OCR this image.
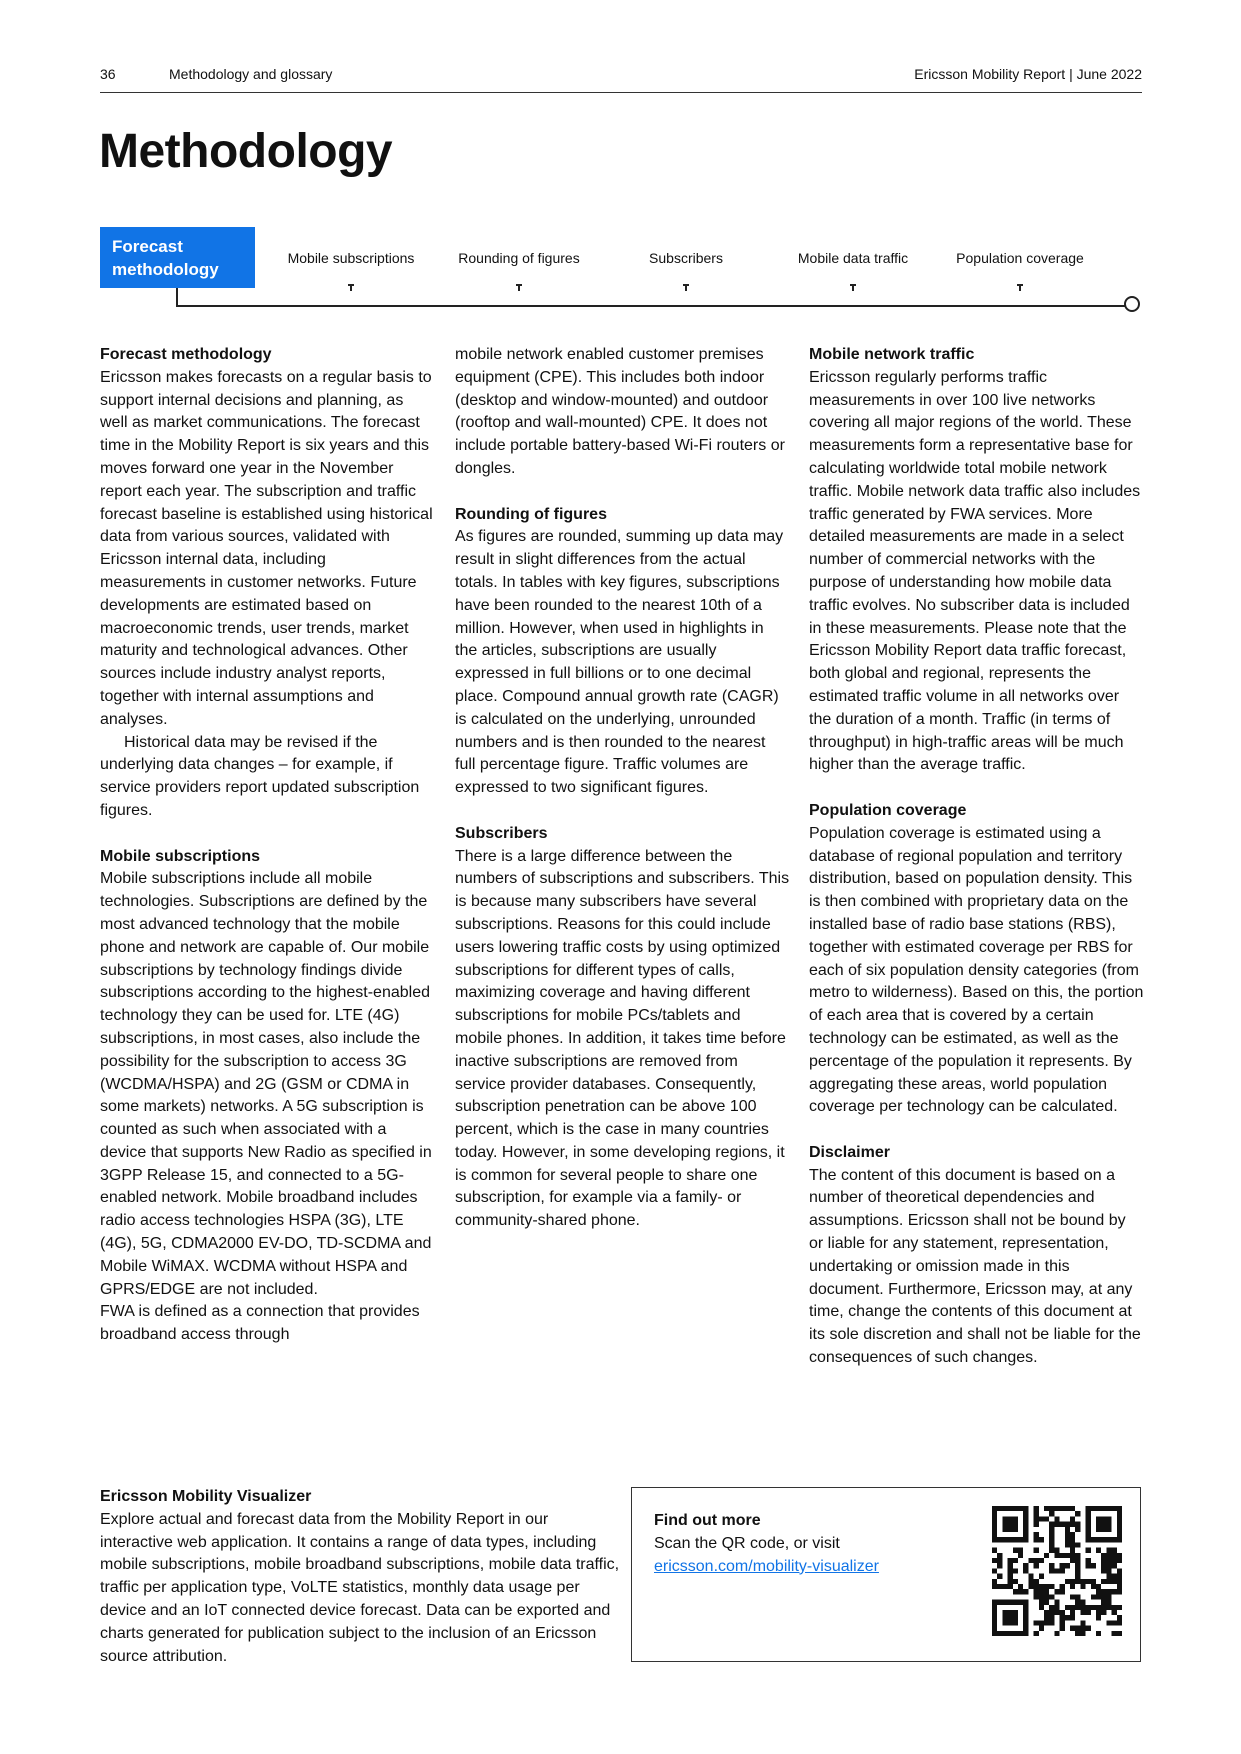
36	Methodology and glossary	Ericsson Mobility Report | June 2022
Methodology
Forecast
methodology
Mobile subscriptions	Rounding of figures	Subscribers	Mobile data traffic	Population coverage
Forecast methodology

Ericsson makes forecasts on a regular basis to support internal decisions and planning, as well as market communications. The forecast time in the Mobility Report is six years and this moves forward one year in the November report each year. The subscription and traffic forecast baseline is established using historical data from various sources, validated with Ericsson internal data, including measurements in customer networks. Future developments are estimated based on macroeconomic trends, user trends, market maturity and technological advances. Other sources include industry analyst reports, together with internal assumptions and analyses.

Historical data may be revised if the underlying data changes – for example, if service providers report updated subscription figures.

Mobile subscriptions

Mobile subscriptions include all mobile technologies. Subscriptions are defined by the most advanced technology that the mobile phone and network are capable of. Our mobile subscriptions by technology findings divide subscriptions according to the highest-enabled technology they can be used for. LTE (4G) subscriptions, in most cases, also include the possibility for the subscription to access 3G (WCDMA/HSPA) and 2G (GSM or CDMA in some markets) networks. A 5G subscription is counted as such when associated with a device that supports New Radio as specified in 3GPP Release 15, and connected to a 5G-enabled network. Mobile broadband includes radio access technologies HSPA (3G), LTE (4G), 5G, CDMA2000 EV-DO, TD-SCDMA and Mobile WiMAX. WCDMA without HSPA and GPRS/EDGE are not included.

FWA is defined as a connection that provides broadband access through

mobile network enabled customer premises equipment (CPE). This includes both indoor (desktop and window-mounted) and outdoor (rooftop and wall-mounted) CPE. It does not include portable battery-based Wi-Fi routers or dongles.

Rounding of figures

As figures are rounded, summing up data may result in slight differences from the actual totals. In tables with key figures, subscriptions have been rounded to the nearest 10th of a million. However, when used in highlights in the articles, subscriptions are usually expressed in full billions or to one decimal place. Compound annual growth rate (CAGR) is calculated on the underlying, unrounded numbers and is then rounded to the nearest full percentage figure. Traffic volumes are expressed to two significant figures.

Subscribers

There is a large difference between the numbers of subscriptions and subscribers. This is because many subscribers have several subscriptions. Reasons for this could include users lowering traffic costs by using optimized subscriptions for different types of calls, maximizing coverage and having different subscriptions for mobile PCs/tablets and mobile phones. In addition, it takes time before inactive subscriptions are removed from service provider databases. Consequently, subscription penetration can be above 100 percent, which is the case in many countries today. However, in some developing regions, it is common for several people to share one subscription, for example via a family- or community-shared phone.

Mobile network traffic

Ericsson regularly performs traffic measurements in over 100 live networks covering all major regions of the world. These measurements form a representative base for calculating worldwide total mobile network traffic. Mobile network data traffic also includes traffic generated by FWA services. More detailed measurements are made in a select number of commercial networks with the purpose of understanding how mobile data traffic evolves. No subscriber data is included in these measurements. Please note that the Ericsson Mobility Report data traffic forecast, both global and regional, represents the estimated traffic volume in all networks over the duration of a month. Traffic (in terms of throughput) in high-traffic areas will be much higher than the average traffic.

Population coverage

Population coverage is estimated using a database of regional population and territory distribution, based on population density. This is then combined with proprietary data on the installed base of radio base stations (RBS), together with estimated coverage per RBS for each of six population density categories (from metro to wilderness). Based on this, the portion of each area that is covered by a certain technology can be estimated, as well as the percentage of the population it represents. By aggregating these areas, world population coverage per technology can be calculated.

Disclaimer

The content of this document is based on a number of theoretical dependencies and assumptions. Ericsson shall not be bound by or liable for any statement, representation, undertaking or omission made in this document. Furthermore, Ericsson may, at any time, change the contents of this document at its sole discretion and shall not be liable for the consequences of such changes.

Ericsson Mobility Visualizer

Explore actual and forecast data from the Mobility Report in our interactive web application. It contains a range of data types, including mobile subscriptions, mobile broadband subscriptions, mobile data traffic, traffic per application type, VoLTE statistics, monthly data usage per device and an IoT connected device forecast. Data can be exported and charts generated for publication subject to the inclusion of an Ericsson source attribution.

Find out more

Scan the QR code, or visit

ericsson.com/mobility-visualizer
